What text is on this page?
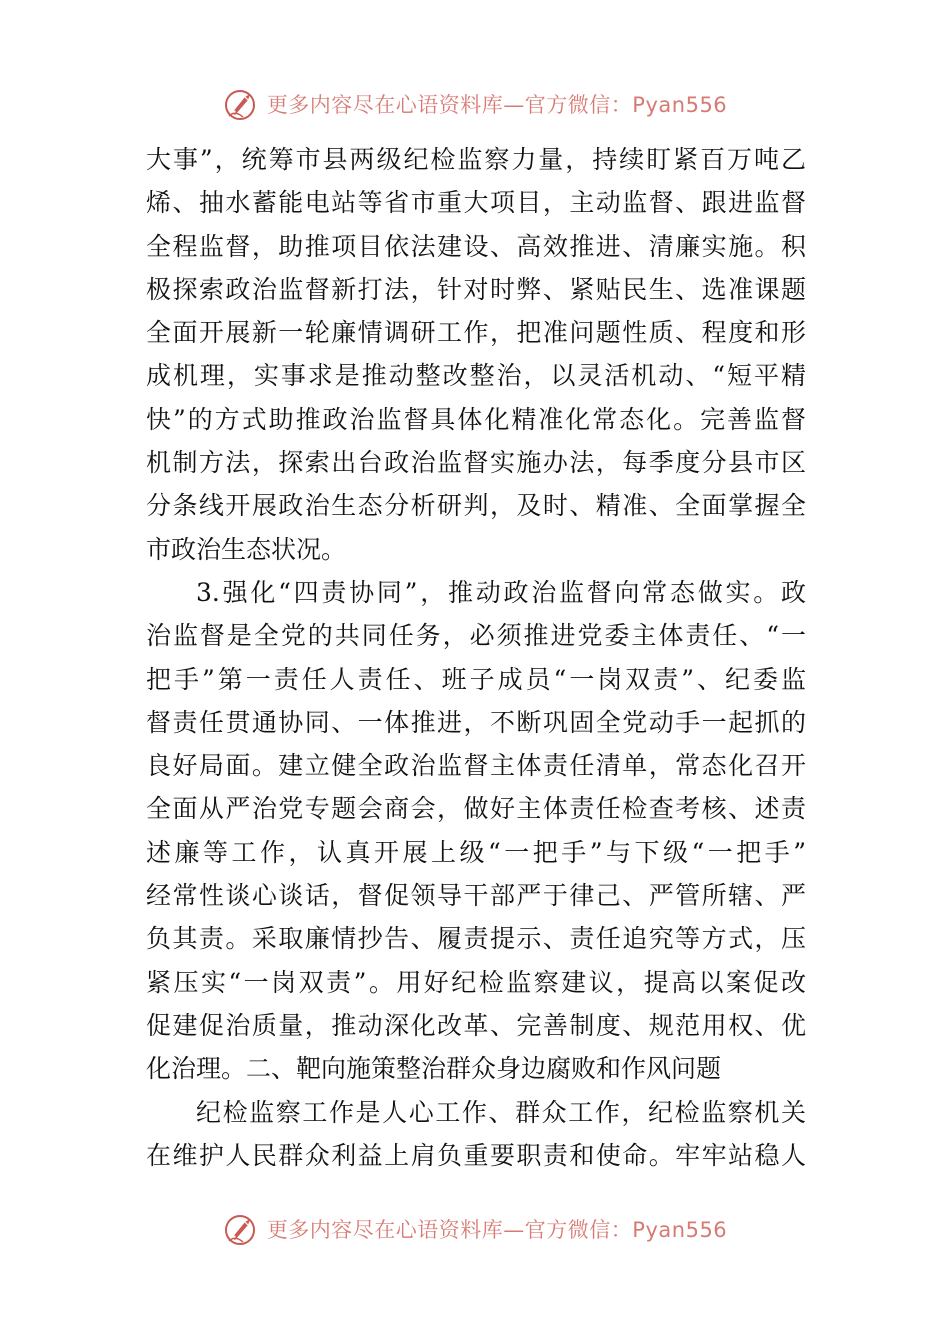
更多内容尽在心语资料库—官方微信：Pyan556
大事”，统筹市县两级纪检监察力量，持续盯紧百万吨乙
烯、抽水蓄能电站等省市重大项目，主动监督、跟进监督
全程监督，助推项目依法建设、高效推进、清廉实施。积
极探索政治监督新打法，针对时弊、紧贴民生、选准课题
全面开展新一轮廉情调研工作，把准问题性质、程度和形
成机理，实事求是推动整改整治，以灵活机动、“短平精
快”的方式助推政治监督具体化精准化常态化。完善监督
机制方法，探索出台政治监督实施办法，每季度分县市区
分条线开展政治生态分析研判，及时、精准、全面掌握全
市政治生态状况。
3.强化“四责协同”，推动政治监督向常态做实。政
治监督是全党的共同任务，必须推进党委主体责任、“一
把手”第一责任人责任、班子成员“一岗双责”、纪委监
督责任贯通协同、一体推进，不断巩固全党动手一起抓的
良好局面。建立健全政治监督主体责任清单，常态化召开
全面从严治党专题会商会，做好主体责任检查考核、述责
述廉等工作，认真开展上级“一把手”与下级“一把手”
经常性谈心谈话，督促领导干部严于律己、严管所辖、严
负其责。采取廉情抄告、履责提示、责任追究等方式，压
紧压实“一岗双责”。用好纪检监察建议，提高以案促改
促建促治质量，推动深化改革、完善制度、规范用权、优
化治理。二、靶向施策整治群众身边腐败和作风问题
纪检监察工作是人心工作、群众工作，纪检监察机关
在维护人民群众利益上肩负重要职责和使命。牢牢站稳人
更多内容尽在心语资料库—官方微信：Pyan556
